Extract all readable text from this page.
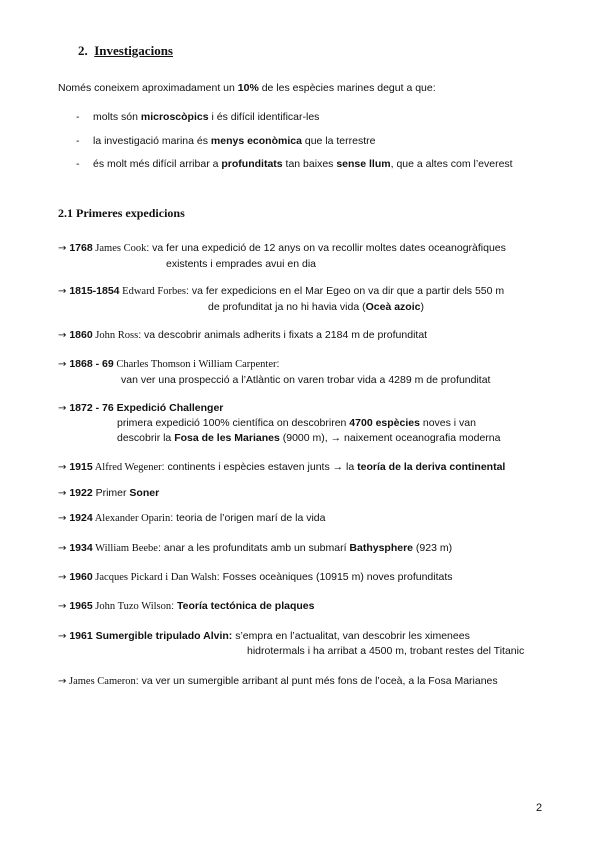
2. Investigacions
Només coneixem aproximadament un 10% de les espècies marines degut a que:
- molts són microscòpics i és difícil identificar-les
- la investigació marina és menys econòmica que la terrestre
- és molt més difícil arribar a profunditats tan baixes sense llum, que a altes com l’everest
2.1 Primeres expedicions
→ 1768 James Cook: va fer una expedició de 12 anys on va recollir moltes dates oceanogràfiques
existents i emprades avui en dia
→ 1815-1854 Edward Forbes: va fer expedicions en el Mar Egeo on va dir que a partir dels 550 m
de profunditat ja no hi havia vida (Oceà azoic)
→ 1860 John Ross: va descobrir animals adherits i fixats a 2184 m de profunditat
→ 1868 - 69 Charles Thomson i William Carpenter:
van ver una prospecció a l’Atlàntic on varen trobar vida a 4289 m de profunditat
→ 1872 - 76 Expedició Challenger
primera expedició 100% científica on descobriren 4700 espècies noves i van
descobrir la Fosa de les Marianes (9000 m), → naixement oceanografia moderna
→ 1915 Alfred Wegener: continents i espècies estaven junts → la teoría de la deriva continental
→ 1922 Primer Soner
→ 1924 Alexander Oparin: teoria de l’origen marí de la vida
→ 1934 William Beebe: anar a les profunditats amb un submarí Bathysphere (923 m)
→ 1960 Jacques Pickard i Dan Walsh: Fosses oceàniques (10915 m) noves profunditats
→ 1965 John Tuzo Wilson: Teoría tectónica de plaques
→ 1961 Sumergible tripulado Alvin: s’empra en l’actualitat, van descobrir les ximenees
hidrotermals i ha arribat a 4500 m, trobant restes del Titanic
→ James Cameron: va ver un sumergible arribant al punt més fons de l’oceà, a la Fosa Marianes
2
